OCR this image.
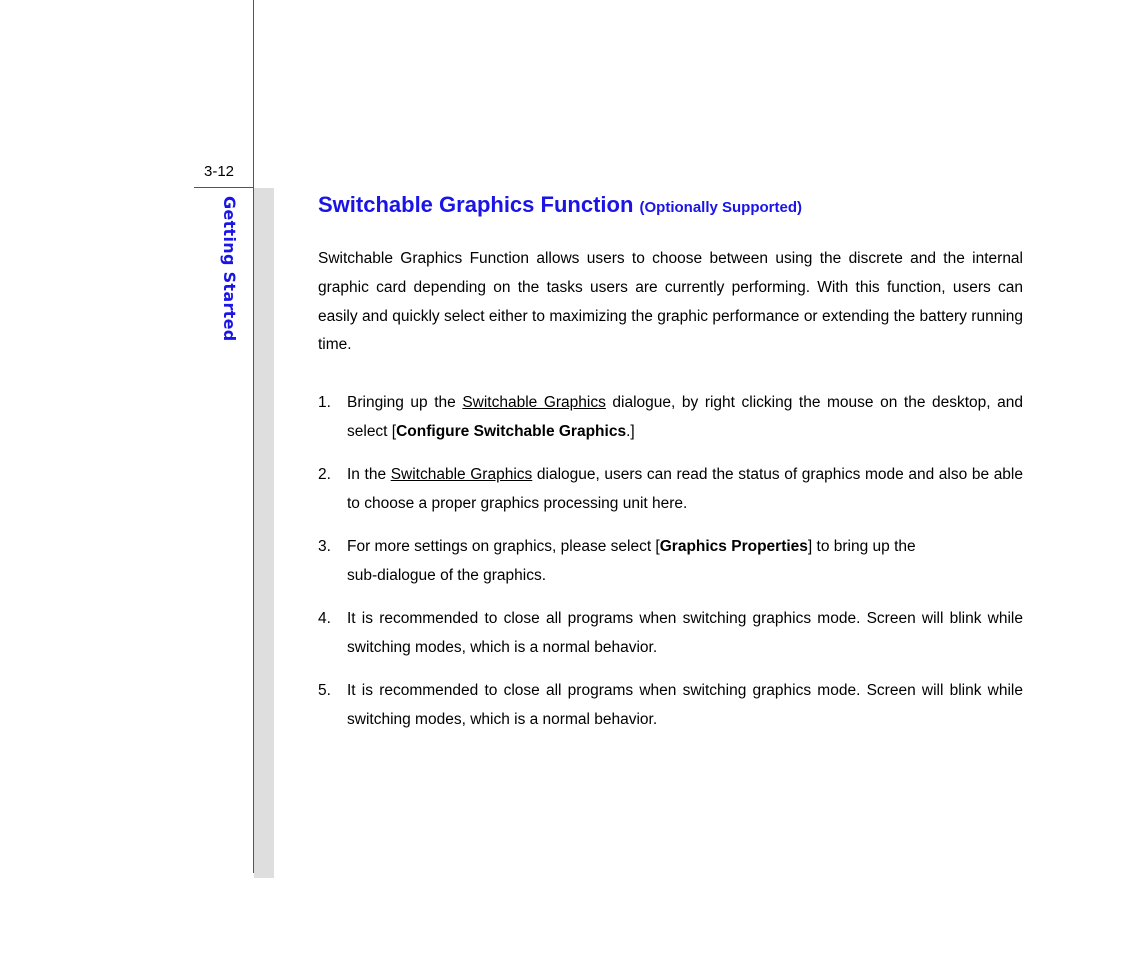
3-12
Getting Started	Switchable Graphics Function (Optionally Supported)

Switchable Graphics Function allows users to choose between using the discrete and the internal graphic card depending on the tasks users are currently performing. With this function, users can easily and quickly select either to maximizing the graphic performance or extending the battery running time.

1. Bringing up the Switchable Graphics dialogue, by right clicking the mouse on the desktop, and select [Configure Switchable Graphics.]
2. In the Switchable Graphics dialogue, users can read the status of graphics mode and also be able to choose a proper graphics processing unit here.
3. For more settings on graphics, please select [Graphics Properties] to bring up the
sub-dialogue of the graphics.
4. It is recommended to close all programs when switching graphics mode. Screen will blink while switching modes, which is a normal behavior.
5. It is recommended to close all programs when switching graphics mode. Screen will blink while switching modes, which is a normal behavior.
